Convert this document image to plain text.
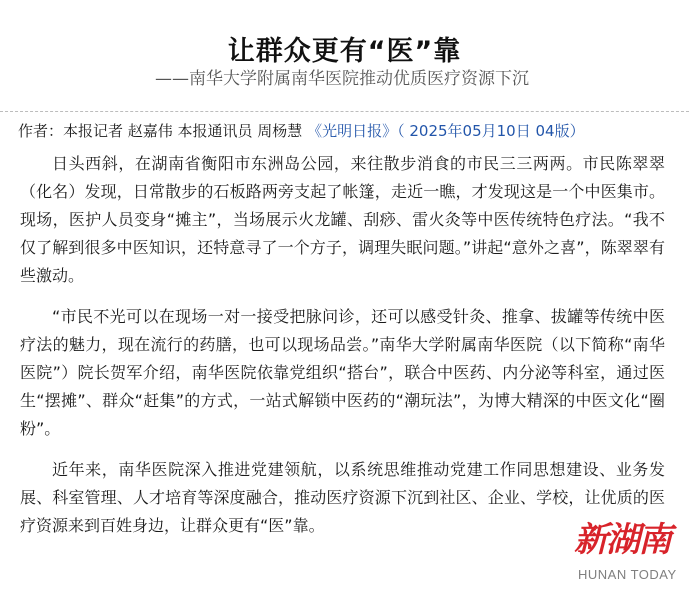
让群众更有“医”靠
——南华大学附属南华医院推动优质医疗资源下沉
作者：本报记者 赵嘉伟 本报通讯员 周杨慧 《光明日报》（ 2025年05月10日 04版）

日头西斜，在湖南省衡阳市东洲岛公园，来往散步消食的市民三三两两。市民陈翠翠（化名）发现，日常散步的石板路两旁支起了帐篷，走近一瞧，才发现这是一个中医集市。现场，医护人员变身“摊主”，当场展示火龙罐、刮痧、雷火灸等中医传统特色疗法。“我不仅了解到很多中医知识，还特意寻了一个方子，调理失眠问题。”讲起“意外之喜”，陈翠翠有些激动。

“市民不光可以在现场一对一接受把脉问诊，还可以感受针灸、推拿、拔罐等传统中医疗法的魅力，现在流行的药膳，也可以现场品尝。”南华大学附属南华医院（以下简称“南华医院”）院长贺军介绍，南华医院依靠党组织“搭台”，联合中医药、内分泌等科室，通过医生“摆摊”、群众“赶集”的方式，一站式解锁中医药的“潮玩法”，为博大精深的中医文化“圈粉”。

近年来，南华医院深入推进党建领航，以系统思维推动党建工作同思想建设、业务发展、科室管理、人才培育等深度融合，推动医疗资源下沉到社区、企业、学校，让优质的医疗资源来到百姓身边，让群众更有“医”靠。	新湖南
HUNAN TODAY
